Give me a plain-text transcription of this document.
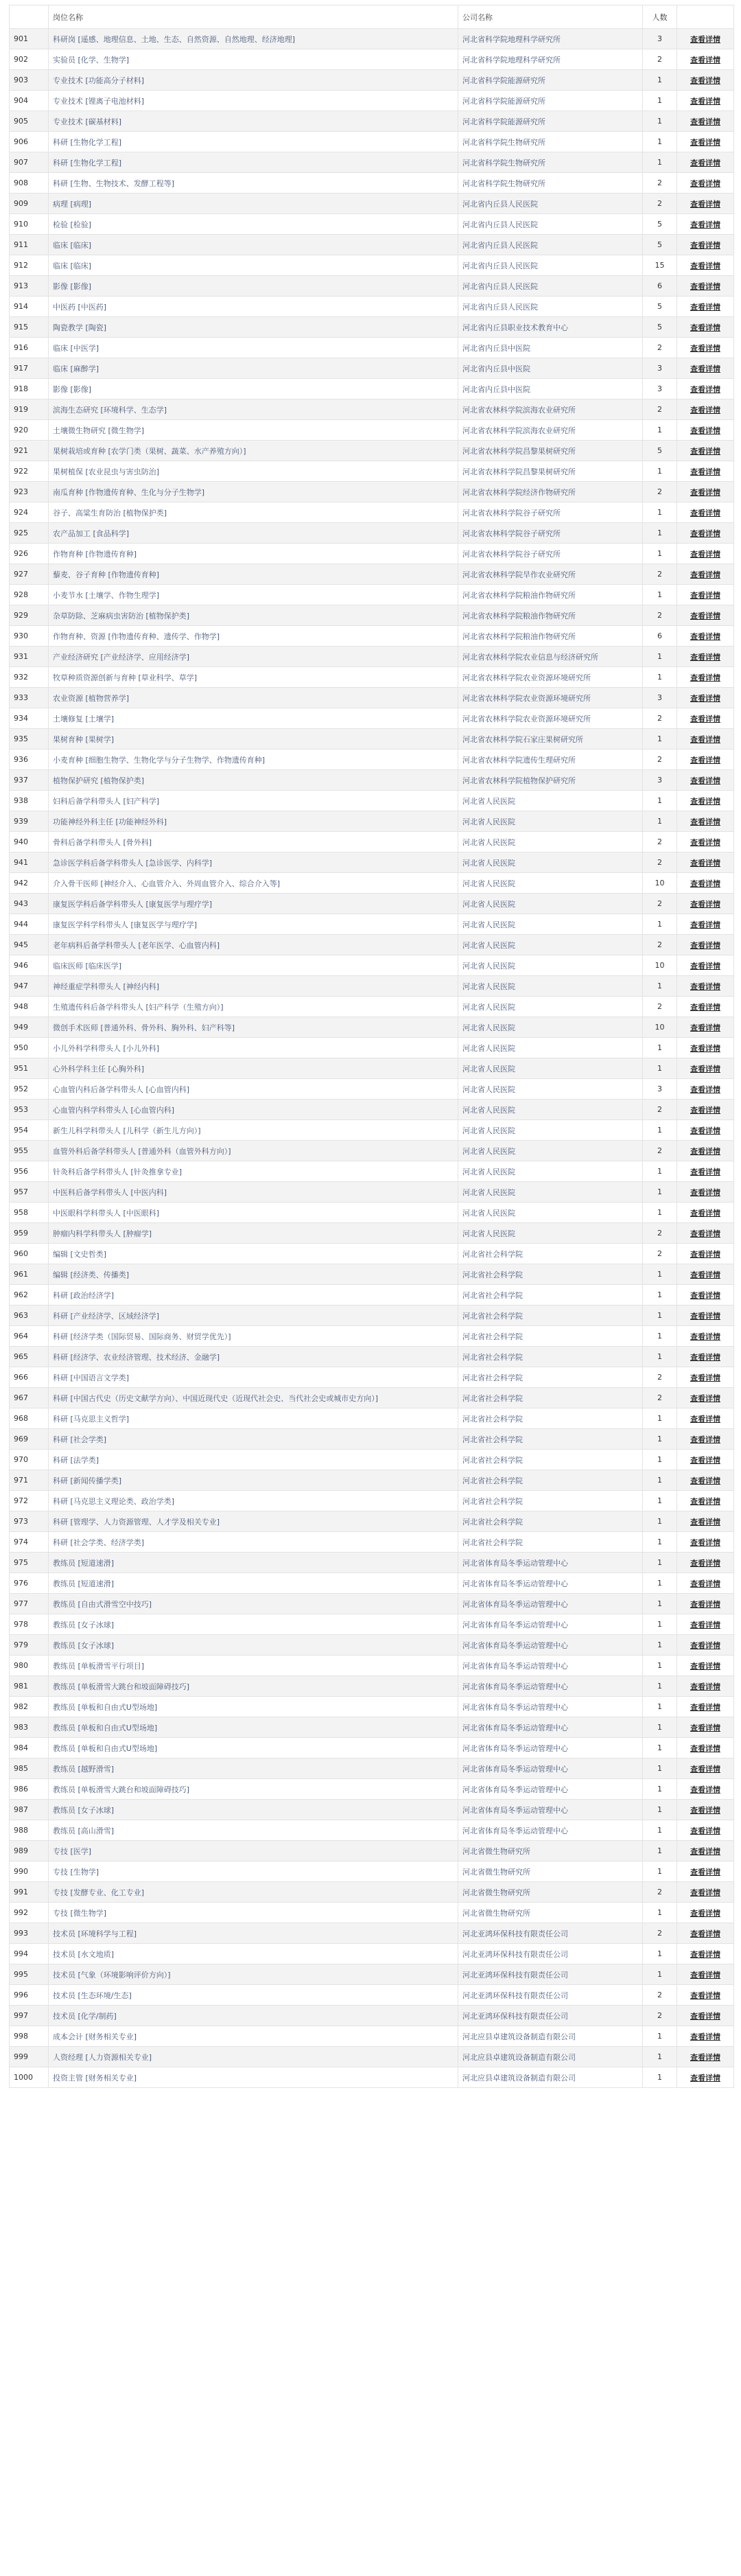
	岗位名称	公司名称	人数	
901	科研岗 [遥感、地理信息、土地、生态、自然资源、自然地理、经济地理]	河北省科学院地理科学研究所	3	查看详情
902	实验员 [化学、生物学]	河北省科学院地理科学研究所	2	查看详情
903	专业技术 [功能高分子材料]	河北省科学院能源研究所	1	查看详情
904	专业技术 [锂离子电池材料]	河北省科学院能源研究所	1	查看详情
905	专业技术 [碳基材料]	河北省科学院能源研究所	1	查看详情
906	科研 [生物化学工程]	河北省科学院生物研究所	1	查看详情
907	科研 [生物化学工程]	河北省科学院生物研究所	1	查看详情
908	科研 [生物、生物技术、发酵工程等]	河北省科学院生物研究所	2	查看详情
909	病理 [病理]	河北省内丘县人民医院	2	查看详情
910	检验 [检验]	河北省内丘县人民医院	5	查看详情
911	临床 [临床]	河北省内丘县人民医院	5	查看详情
912	临床 [临床]	河北省内丘县人民医院	15	查看详情
913	影像 [影像]	河北省内丘县人民医院	6	查看详情
914	中医药 [中医药]	河北省内丘县人民医院	5	查看详情
915	陶瓷教学 [陶瓷]	河北省内丘县职业技术教育中心	5	查看详情
916	临床 [中医学]	河北省内丘县中医院	2	查看详情
917	临床 [麻醉学]	河北省内丘县中医院	3	查看详情
918	影像 [影像]	河北省内丘县中医院	3	查看详情
919	滨海生态研究 [环境科学、生态学]	河北省农林科学院滨海农业研究所	2	查看详情
920	土壤微生物研究 [微生物学]	河北省农林科学院滨海农业研究所	1	查看详情
921	果树栽培或育种 [农学门类（果树、蔬菜、水产养殖方向）]	河北省农林科学院昌黎果树研究所	5	查看详情
922	果树植保 [农业昆虫与害虫防治]	河北省农林科学院昌黎果树研究所	1	查看详情
923	南瓜育种 [作物遗传育种、生化与分子生物学]	河北省农林科学院经济作物研究所	2	查看详情
924	谷子、高粱生育防治 [植物保护类]	河北省农林科学院谷子研究所	1	查看详情
925	农产品加工 [食品科学]	河北省农林科学院谷子研究所	1	查看详情
926	作物育种 [作物遗传育种]	河北省农林科学院谷子研究所	1	查看详情
927	藜麦、谷子育种 [作物遗传育种]	河北省农林科学院旱作农业研究所	2	查看详情
928	小麦节水 [土壤学、作物生理学]	河北省农林科学院粮油作物研究所	1	查看详情
929	杂草防除、芝麻病虫害防治 [植物保护类]	河北省农林科学院粮油作物研究所	2	查看详情
930	作物育种、资源 [作物遗传育种、遗传学、作物学]	河北省农林科学院粮油作物研究所	6	查看详情
931	产业经济研究 [产业经济学、应用经济学]	河北省农林科学院农业信息与经济研究所	1	查看详情
932	牧草种质资源创新与育种 [草业科学、草学]	河北省农林科学院农业资源环境研究所	1	查看详情
933	农业资源 [植物营养学]	河北省农林科学院农业资源环境研究所	3	查看详情
934	土壤修复 [土壤学]	河北省农林科学院农业资源环境研究所	2	查看详情
935	果树育种 [果树学]	河北省农林科学院石家庄果树研究所	1	查看详情
936	小麦育种 [细胞生物学、生物化学与分子生物学、作物遗传育种]	河北省农林科学院遗传生理研究所	2	查看详情
937	植物保护研究 [植物保护类]	河北省农林科学院植物保护研究所	3	查看详情
938	妇科后备学科带头人 [妇产科学]	河北省人民医院	1	查看详情
939	功能神经外科主任 [功能神经外科]	河北省人民医院	1	查看详情
940	骨科后备学科带头人 [骨外科]	河北省人民医院	2	查看详情
941	急诊医学科后备学科带头人 [急诊医学、内科学]	河北省人民医院	2	查看详情
942	介入骨干医师 [神经介入、心血管介入、外周血管介入、综合介入等]	河北省人民医院	10	查看详情
943	康复医学科后备学科带头人 [康复医学与理疗学]	河北省人民医院	2	查看详情
944	康复医学科学科带头人 [康复医学与理疗学]	河北省人民医院	1	查看详情
945	老年病科后备学科带头人 [老年医学、心血管内科]	河北省人民医院	2	查看详情
946	临床医师 [临床医学]	河北省人民医院	10	查看详情
947	神经重症学科带头人 [神经内科]	河北省人民医院	1	查看详情
948	生殖遗传科后备学科带头人 [妇产科学（生殖方向）]	河北省人民医院	2	查看详情
949	微创手术医师 [普通外科、骨外科、胸外科、妇产科等]	河北省人民医院	10	查看详情
950	小儿外科学科带头人 [小儿外科]	河北省人民医院	1	查看详情
951	心外科学科主任 [心胸外科]	河北省人民医院	1	查看详情
952	心血管内科后备学科带头人 [心血管内科]	河北省人民医院	3	查看详情
953	心血管内科学科带头人 [心血管内科]	河北省人民医院	2	查看详情
954	新生儿科学科带头人 [儿科学（新生儿方向）]	河北省人民医院	1	查看详情
955	血管外科后备学科带头人 [普通外科（血管外科方向）]	河北省人民医院	2	查看详情
956	针灸科后备学科带头人 [针灸推拿专业]	河北省人民医院	1	查看详情
957	中医科后备学科带头人 [中医内科]	河北省人民医院	1	查看详情
958	中医眼科学科带头人 [中医眼科]	河北省人民医院	1	查看详情
959	肿瘤内科学科带头人 [肿瘤学]	河北省人民医院	2	查看详情
960	编辑 [文史哲类]	河北省社会科学院	2	查看详情
961	编辑 [经济类、传播类]	河北省社会科学院	1	查看详情
962	科研 [政治经济学]	河北省社会科学院	1	查看详情
963	科研 [产业经济学、区域经济学]	河北省社会科学院	1	查看详情
964	科研 [经济学类（国际贸易、国际商务、财贸学优先）]	河北省社会科学院	1	查看详情
965	科研 [经济学、农业经济管理、技术经济、金融学]	河北省社会科学院	1	查看详情
966	科研 [中国语言文学类]	河北省社会科学院	2	查看详情
967	科研 [中国古代史（历史文献学方向）、中国近现代史（近现代社会史、当代社会史或城市史方向）]	河北省社会科学院	2	查看详情
968	科研 [马克思主义哲学]	河北省社会科学院	1	查看详情
969	科研 [社会学类]	河北省社会科学院	1	查看详情
970	科研 [法学类]	河北省社会科学院	1	查看详情
971	科研 [新闻传播学类]	河北省社会科学院	1	查看详情
972	科研 [马克思主义理论类、政治学类]	河北省社会科学院	1	查看详情
973	科研 [管理学、人力资源管理、人才学及相关专业]	河北省社会科学院	1	查看详情
974	科研 [社会学类、经济学类]	河北省社会科学院	1	查看详情
975	教练员 [短道速滑]	河北省体育局冬季运动管理中心	1	查看详情
976	教练员 [短道速滑]	河北省体育局冬季运动管理中心	1	查看详情
977	教练员 [自由式滑雪空中技巧]	河北省体育局冬季运动管理中心	1	查看详情
978	教练员 [女子冰球]	河北省体育局冬季运动管理中心	1	查看详情
979	教练员 [女子冰球]	河北省体育局冬季运动管理中心	1	查看详情
980	教练员 [单板滑雪平行项目]	河北省体育局冬季运动管理中心	1	查看详情
981	教练员 [单板滑雪大跳台和坡面障碍技巧]	河北省体育局冬季运动管理中心	1	查看详情
982	教练员 [单板和自由式U型场地]	河北省体育局冬季运动管理中心	1	查看详情
983	教练员 [单板和自由式U型场地]	河北省体育局冬季运动管理中心	1	查看详情
984	教练员 [单板和自由式U型场地]	河北省体育局冬季运动管理中心	1	查看详情
985	教练员 [越野滑雪]	河北省体育局冬季运动管理中心	1	查看详情
986	教练员 [单板滑雪大跳台和坡面障碍技巧]	河北省体育局冬季运动管理中心	1	查看详情
987	教练员 [女子冰球]	河北省体育局冬季运动管理中心	1	查看详情
988	教练员 [高山滑雪]	河北省体育局冬季运动管理中心	1	查看详情
989	专技 [医学]	河北省微生物研究所	1	查看详情
990	专技 [生物学]	河北省微生物研究所	1	查看详情
991	专技 [发酵专业、化工专业]	河北省微生物研究所	2	查看详情
992	专技 [微生物学]	河北省微生物研究所	1	查看详情
993	技术员 [环境科学与工程]	河北亚鸿环保科技有限责任公司	2	查看详情
994	技术员 [水文地质]	河北亚鸿环保科技有限责任公司	1	查看详情
995	技术员 [气象（环境影响评价方向）]	河北亚鸿环保科技有限责任公司	1	查看详情
996	技术员 [生态环境/生态]	河北亚鸿环保科技有限责任公司	2	查看详情
997	技术员 [化学/制药]	河北亚鸿环保科技有限责任公司	2	查看详情
998	成本会计 [财务相关专业]	河北应县卓建筑设备制造有限公司	1	查看详情
999	人资经理 [人力资源相关专业]	河北应县卓建筑设备制造有限公司	1	查看详情
1000	投资主管 [财务相关专业]	河北应县卓建筑设备制造有限公司	1	查看详情
